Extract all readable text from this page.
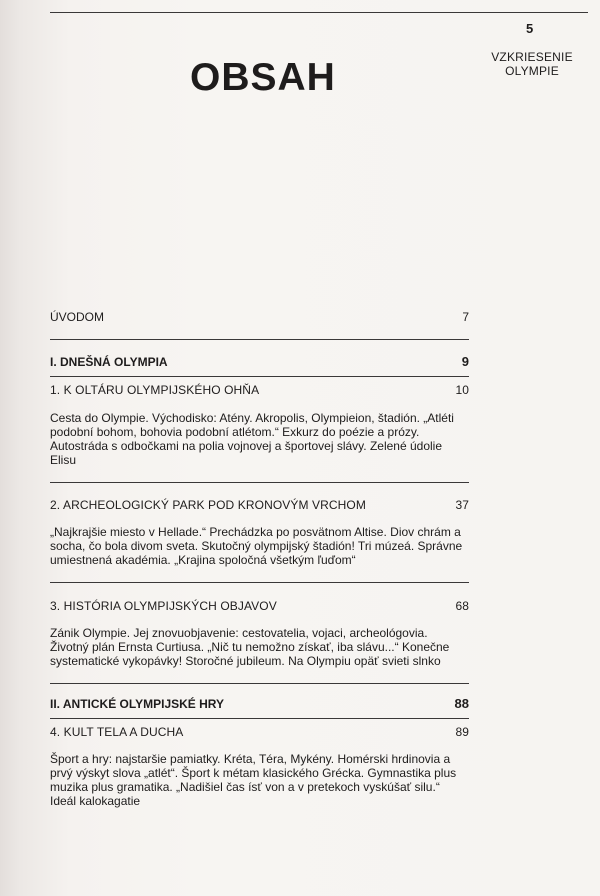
5
VZKRIESENIE OLYMPIE
OBSAH
ÚVODOM	7
I. DNEŠNÁ OLYMPIA	9
1. K OLTÁRU OLYMPIJSKÉHO OHŇA	10

Cesta do Olympie. Východisko: Atény. Akropolis, Olympieion, štadión. „Atléti podobní bohom, bohovia podobní atlétom.“ Exkurz do poézie a prózy. Autostráda s odbočkami na polia vojnovej a športovej slávy. Zelené údolie Elisu

2. ARCHEOLOGICKÝ PARK POD KRONOVÝM VRCHOM	37

„Najkrajšie miesto v Hellade.“ Prechádzka po posvätnom Altise. Diov chrám a socha, čo bola divom sveta. Skutočný olympijský štadión! Tri múzeá. Správne umiestnená akadémia. „Krajina spoločná všetkým ľuďom“

3. HISTÓRIA OLYMPIJSKÝCH OBJAVOV	68

Zánik Olympie. Jej znovuobjavenie: cestovatelia, vojaci, archeológovia. Životný plán Ernsta Curtiusa. „Nič tu nemožno získať, iba slávu...“ Konečne systematické vykopávky! Storočné jubileum. Na Olympiu opäť svieti slnko

II. ANTICKÉ OLYMPIJSKÉ HRY	88
4. KULT TELA A DUCHA	89

Šport a hry: najstaršie pamiatky. Kréta, Téra, Mykény. Homérski hrdinovia a prvý výskyt slova „atlét“. Šport k métam klasického Grécka. Gymnastika plus muzika plus gramatika. „Nadišiel čas ísť von a v pretekoch vyskúšať silu.“ Ideál kalokagatie
